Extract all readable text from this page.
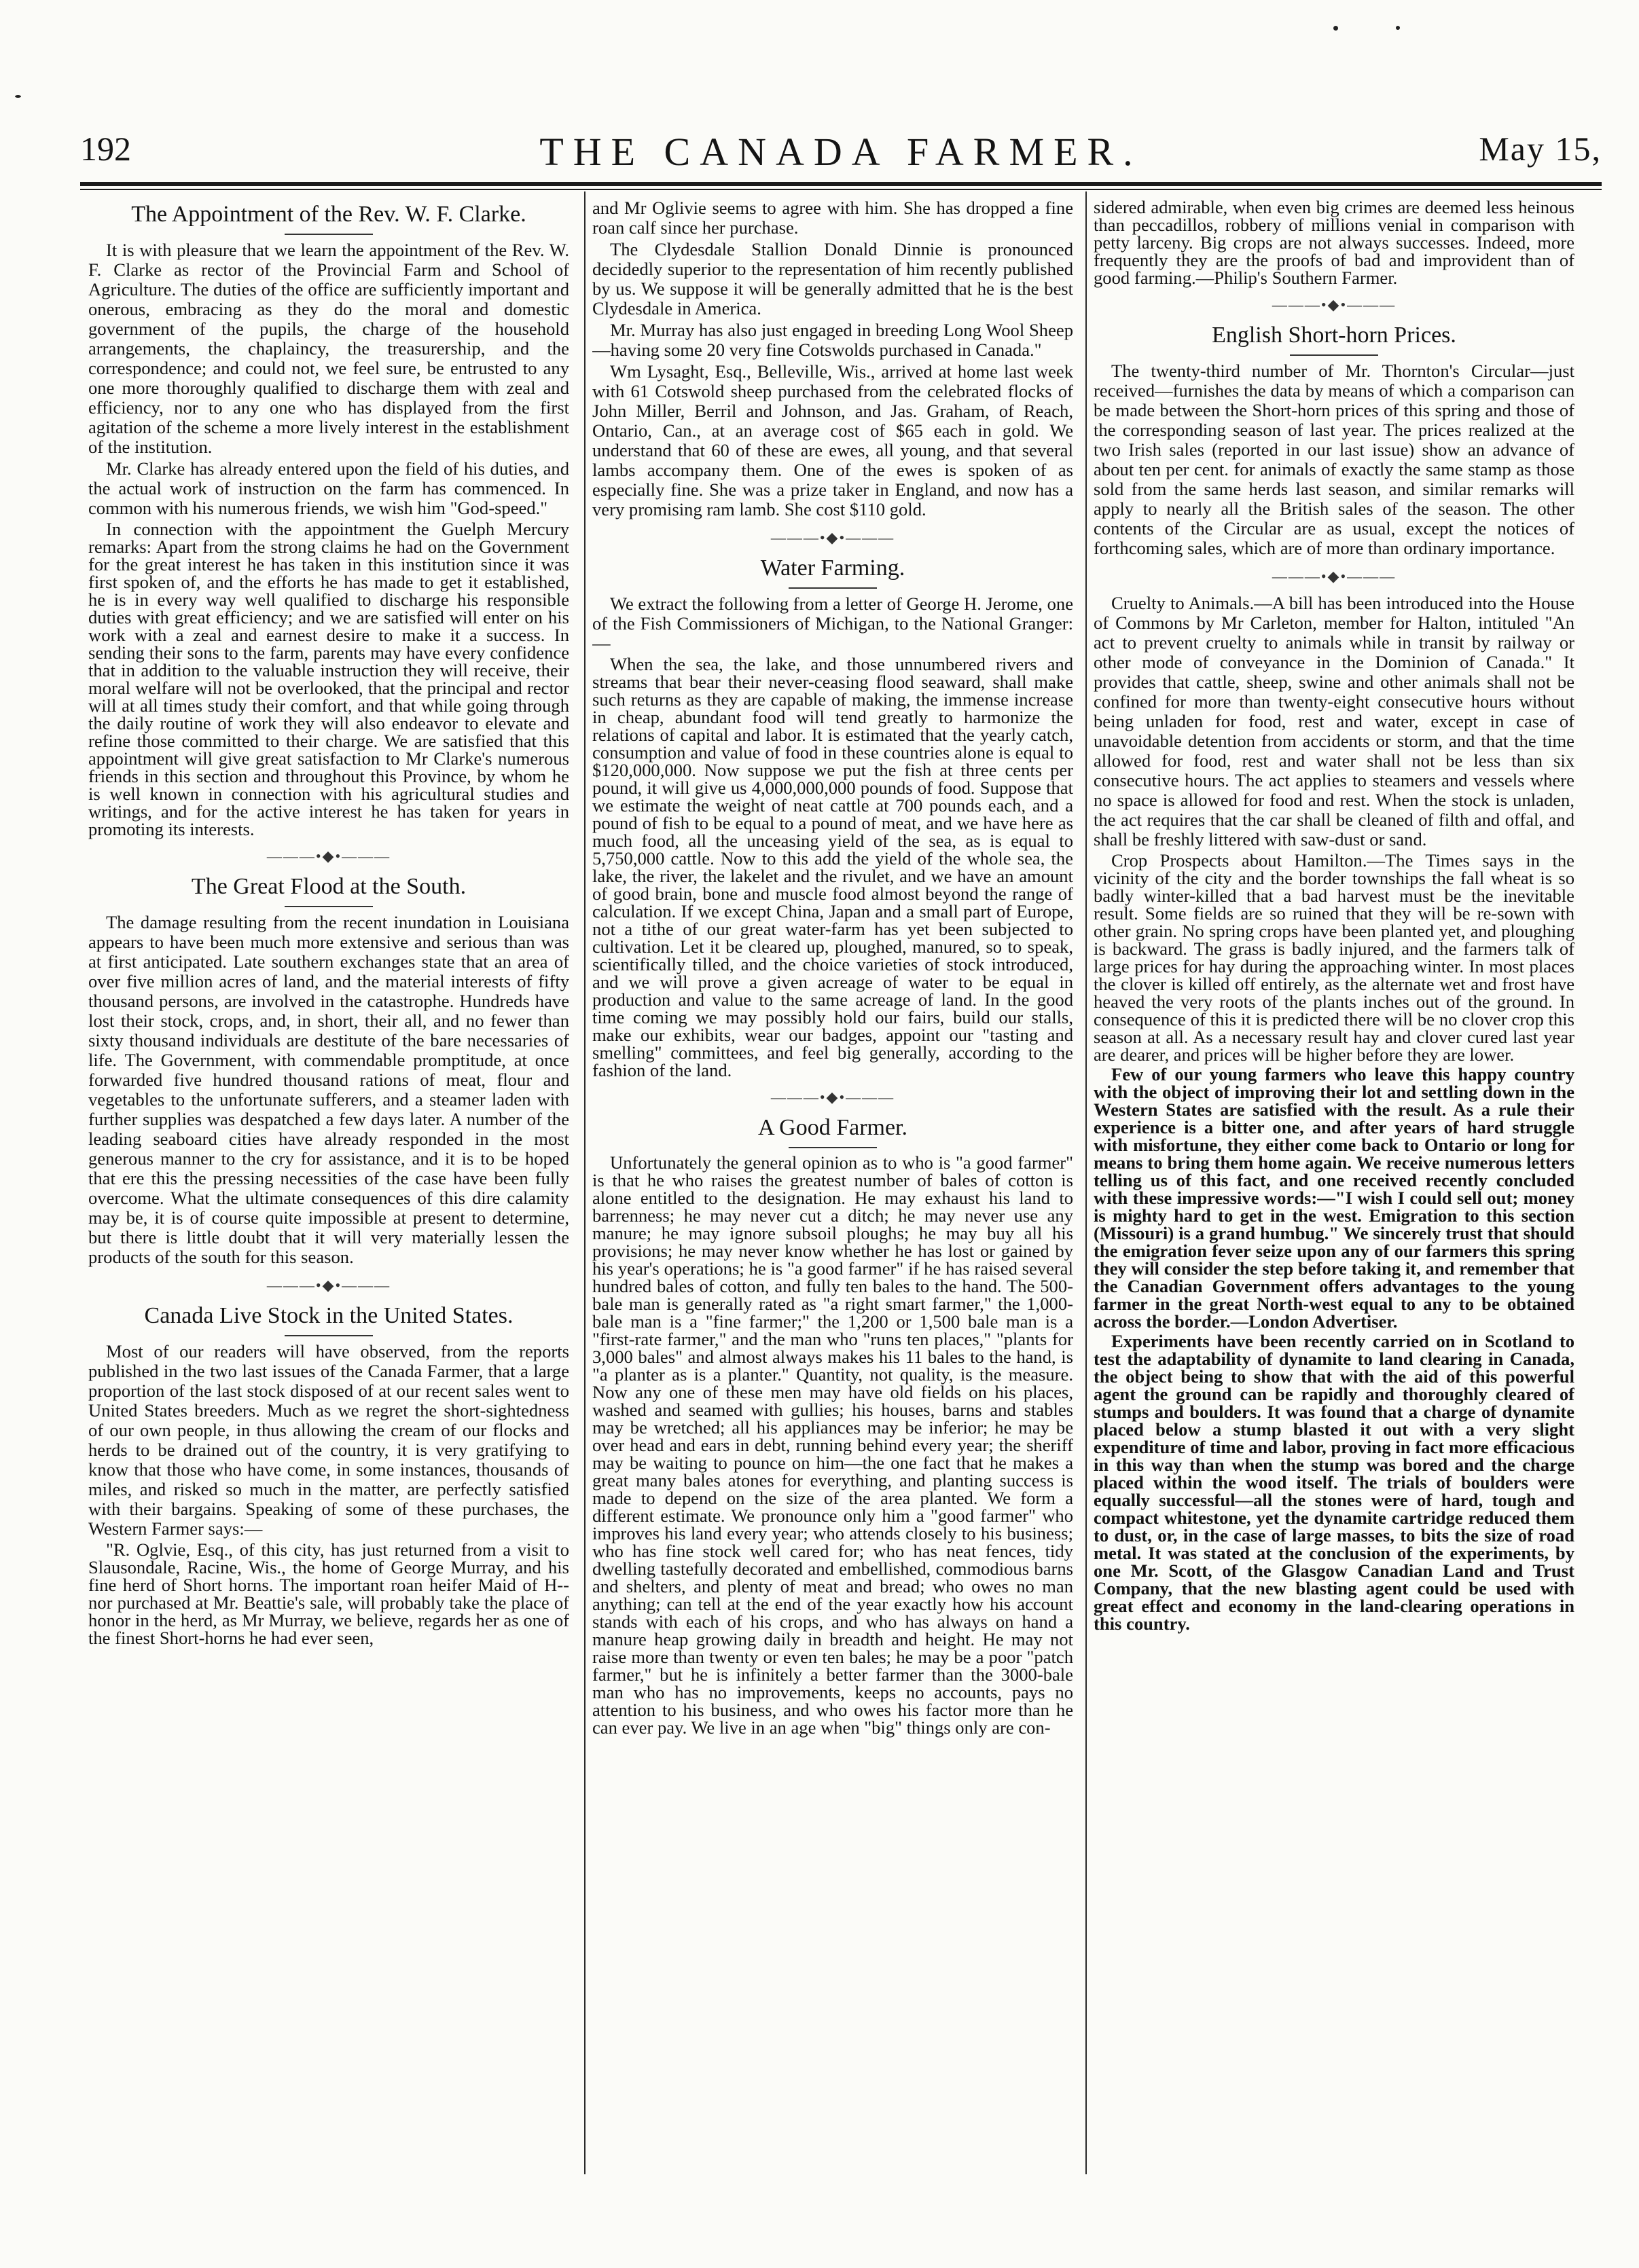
192	THE CANADA FARMER.	May 15,
The Appointment of the Rev. W. F. Clarke.

It is with pleasure that we learn the appointment of the Rev. W. F. Clarke as rector of the Provincial Farm and School of Agriculture. The duties of the office are sufficiently important and onerous, embracing as they do the moral and domestic government of the pupils, the charge of the household arrangements, the chaplaincy, the treasurership, and the correspondence; and could not, we feel sure, be entrusted to any one more thoroughly qualified to discharge them with zeal and efficiency, nor to any one who has displayed from the first agitation of the scheme a more lively interest in the establishment of the institution.

Mr. Clarke has already entered upon the field of his duties, and the actual work of instruction on the farm has commenced. In common with his numerous friends, we wish him "God-speed."

In connection with the appointment the Guelph Mercury remarks: Apart from the strong claims he had on the Government for the great interest he has taken in this institution since it was first spoken of, and the efforts he has made to get it established, he is in every way well qualified to discharge his responsible duties with great efficiency; and we are satisfied will enter on his work with a zeal and earnest desire to make it a success. In sending their sons to the farm, parents may have every confidence that in addition to the valuable instruction they will receive, their moral welfare will not be overlooked, that the principal and rector will at all times study their comfort, and that while going through the daily routine of work they will also endeavor to elevate and refine those committed to their charge. We are satisfied that this appointment will give great satisfaction to Mr Clarke's numerous friends in this section and throughout this Province, by whom he is well known in connection with his agricultural studies and writings, and for the active interest he has taken for years in promoting its interests.

———•◆•———
The Great Flood at the South.

The damage resulting from the recent inundation in Louisiana appears to have been much more extensive and serious than was at first anticipated. Late southern exchanges state that an area of over five million acres of land, and the material interests of fifty thousand persons, are involved in the catastrophe. Hundreds have lost their stock, crops, and, in short, their all, and no fewer than sixty thousand individuals are destitute of the bare necessaries of life. The Government, with commendable promptitude, at once forwarded five hundred thousand rations of meat, flour and vegetables to the unfortunate sufferers, and a steamer laden with further supplies was despatched a few days later. A number of the leading seaboard cities have already responded in the most generous manner to the cry for assistance, and it is to be hoped that ere this the pressing necessities of the case have been fully overcome. What the ultimate consequences of this dire calamity may be, it is of course quite impossible at present to determine, but there is little doubt that it will very materially lessen the products of the south for this season.

———•◆•———
Canada Live Stock in the United States.

Most of our readers will have observed, from the reports published in the two last issues of the Canada Farmer, that a large proportion of the last stock disposed of at our recent sales went to United States breeders. Much as we regret the short-sightedness of our own people, in thus allowing the cream of our flocks and herds to be drained out of the country, it is very gratifying to know that those who have come, in some instances, thousands of miles, and risked so much in the matter, are perfectly satisfied with their bargains. Speaking of some of these purchases, the Western Farmer says:—

"R. Oglvie, Esq., of this city, has just returned from a visit to Slausondale, Racine, Wis., the home of George Murray, and his fine herd of Short horns. The important roan heifer Maid of H-- nor purchased at Mr. Beattie's sale, will probably take the place of honor in the herd, as Mr Murray, we believe, regards her as one of the finest Short-horns he had ever seen,

and Mr Oglivie seems to agree with him. She has dropped a fine roan calf since her purchase.

The Clydesdale Stallion Donald Dinnie is pronounced decidedly superior to the representation of him recently published by us. We suppose it will be generally admitted that he is the best Clydesdale in America.

Mr. Murray has also just engaged in breeding Long Wool Sheep—having some 20 very fine Cotswolds purchased in Canada."

Wm Lysaght, Esq., Belleville, Wis., arrived at home last week with 61 Cotswold sheep purchased from the celebrated flocks of John Miller, Berril and Johnson, and Jas. Graham, of Reach, Ontario, Can., at an average cost of $65 each in gold. We understand that 60 of these are ewes, all young, and that several lambs accompany them. One of the ewes is spoken of as especially fine. She was a prize taker in England, and now has a very promising ram lamb. She cost $110 gold.

———•◆•———
Water Farming.

We extract the following from a letter of George H. Jerome, one of the Fish Commissioners of Michigan, to the National Granger:—

When the sea, the lake, and those unnumbered rivers and streams that bear their never-ceasing flood seaward, shall make such returns as they are capable of making, the immense increase in cheap, abundant food will tend greatly to harmonize the relations of capital and labor. It is estimated that the yearly catch, consumption and value of food in these countries alone is equal to $120,000,000. Now suppose we put the fish at three cents per pound, it will give us 4,000,000,000 pounds of food. Suppose that we estimate the weight of neat cattle at 700 pounds each, and a pound of fish to be equal to a pound of meat, and we have here as much food, all the unceasing yield of the sea, as is equal to 5,750,000 cattle. Now to this add the yield of the whole sea, the lake, the river, the lakelet and the rivulet, and we have an amount of good brain, bone and muscle food almost beyond the range of calculation. If we except China, Japan and a small part of Europe, not a tithe of our great water-farm has yet been subjected to cultivation. Let it be cleared up, ploughed, manured, so to speak, scientifically tilled, and the choice varieties of stock introduced, and we will prove a given acreage of water to be equal in production and value to the same acreage of land. In the good time coming we may possibly hold our fairs, build our stalls, make our exhibits, wear our badges, appoint our "tasting and smelling" committees, and feel big generally, according to the fashion of the land.

———•◆•———
A Good Farmer.

Unfortunately the general opinion as to who is "a good farmer" is that he who raises the greatest number of bales of cotton is alone entitled to the designation. He may exhaust his land to barrenness; he may never cut a ditch; he may never use any manure; he may ignore subsoil ploughs; he may buy all his provisions; he may never know whether he has lost or gained by his year's operations; he is "a good farmer" if he has raised several hundred bales of cotton, and fully ten bales to the hand. The 500-bale man is generally rated as "a right smart farmer," the 1,000-bale man is a "fine farmer;" the 1,200 or 1,500 bale man is a "first-rate farmer," and the man who "runs ten places," "plants for 3,000 bales" and almost always makes his 11 bales to the hand, is "a planter as is a planter." Quantity, not quality, is the measure. Now any one of these men may have old fields on his places, washed and seamed with gullies; his houses, barns and stables may be wretched; all his appliances may be inferior; he may be over head and ears in debt, running behind every year; the sheriff may be waiting to pounce on him—the one fact that he makes a great many bales atones for everything, and planting success is made to depend on the size of the area planted. We form a different estimate. We pronounce only him a "good farmer" who improves his land every year; who attends closely to his business; who has fine stock well cared for; who has neat fences, tidy dwelling tastefully decorated and embellished, commodious barns and shelters, and plenty of meat and bread; who owes no man anything; can tell at the end of the year exactly how his account stands with each of his crops, and who has always on hand a manure heap growing daily in breadth and height. He may not raise more than twenty or even ten bales; he may be a poor "patch farmer," but he is infinitely a better farmer than the 3000-bale man who has no improvements, keeps no accounts, pays no attention to his business, and who owes his factor more than he can ever pay. We live in an age when "big" things only are con-

sidered admirable, when even big crimes are deemed less heinous than peccadillos, robbery of millions venial in comparison with petty larceny. Big crops are not always successes. Indeed, more frequently they are the proofs of bad and improvident than of good farming.—Philip's Southern Farmer.

———•◆•———
English Short-horn Prices.

The twenty-third number of Mr. Thornton's Circular—just received—furnishes the data by means of which a comparison can be made between the Short-horn prices of this spring and those of the corresponding season of last year. The prices realized at the two Irish sales (reported in our last issue) show an advance of about ten per cent. for animals of exactly the same stamp as those sold from the same herds last season, and similar remarks will apply to nearly all the British sales of the season. The other contents of the Circular are as usual, except the notices of forthcoming sales, which are of more than ordinary importance.

———•◆•———

Cruelty to Animals.—A bill has been introduced into the House of Commons by Mr Carleton, member for Halton, intituled "An act to prevent cruelty to animals while in transit by railway or other mode of conveyance in the Dominion of Canada." It provides that cattle, sheep, swine and other animals shall not be confined for more than twenty-eight consecutive hours without being unladen for food, rest and water, except in case of unavoidable detention from accidents or storm, and that the time allowed for food, rest and water shall not be less than six consecutive hours. The act applies to steamers and vessels where no space is allowed for food and rest. When the stock is unladen, the act requires that the car shall be cleaned of filth and offal, and shall be freshly littered with saw-dust or sand.

Crop Prospects about Hamilton.—The Times says in the vicinity of the city and the border townships the fall wheat is so badly winter-killed that a bad harvest must be the inevitable result. Some fields are so ruined that they will be re-sown with other grain. No spring crops have been planted yet, and ploughing is backward. The grass is badly injured, and the farmers talk of large prices for hay during the approaching winter. In most places the clover is killed off entirely, as the alternate wet and frost have heaved the very roots of the plants inches out of the ground. In consequence of this it is predicted there will be no clover crop this season at all. As a necessary result hay and clover cured last year are dearer, and prices will be higher before they are lower.

Few of our young farmers who leave this happy country with the object of improving their lot and settling down in the Western States are satisfied with the result. As a rule their experience is a bitter one, and after years of hard struggle with misfortune, they either come back to Ontario or long for means to bring them home again. We receive numerous letters telling us of this fact, and one received recently concluded with these impressive words:—"I wish I could sell out; money is mighty hard to get in the west. Emigration to this section (Missouri) is a grand humbug." We sincerely trust that should the emigration fever seize upon any of our farmers this spring they will consider the step before taking it, and remember that the Canadian Government offers advantages to the young farmer in the great North-west equal to any to be obtained across the border.—London Advertiser.

Experiments have been recently carried on in Scotland to test the adaptability of dynamite to land clearing in Canada, the object being to show that with the aid of this powerful agent the ground can be rapidly and thoroughly cleared of stumps and boulders. It was found that a charge of dynamite placed below a stump blasted it out with a very slight expenditure of time and labor, proving in fact more efficacious in this way than when the stump was bored and the charge placed within the wood itself. The trials of boulders were equally successful—all the stones were of hard, tough and compact whitestone, yet the dynamite cartridge reduced them to dust, or, in the case of large masses, to bits the size of road metal. It was stated at the conclusion of the experiments, by one Mr. Scott, of the Glasgow Canadian Land and Trust Company, that the new blasting agent could be used with great effect and economy in the land-clearing operations in this country.
